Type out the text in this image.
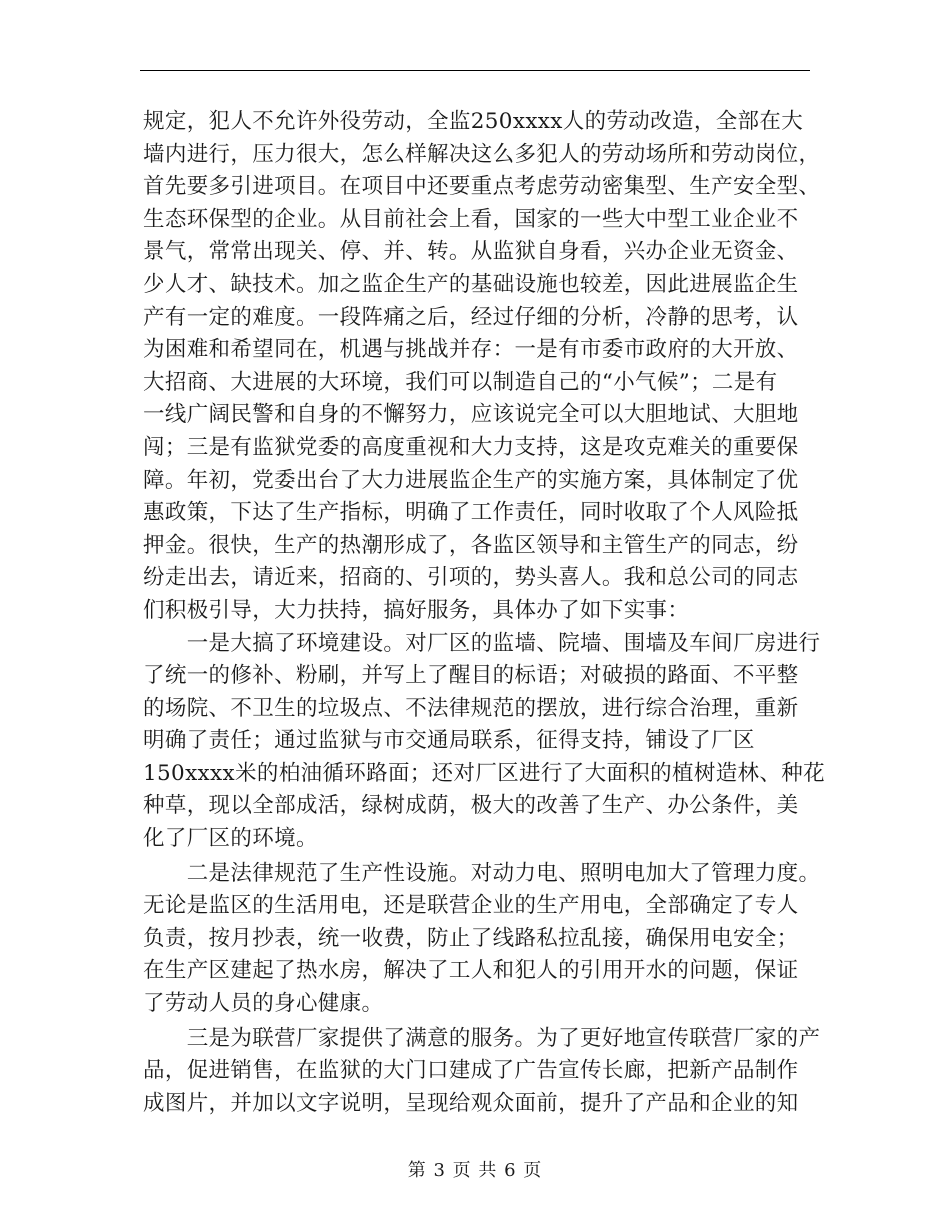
规定，犯人不允许外役劳动，全监250xxxx人的劳动改造，全部在大
墙内进行，压力很大，怎么样解决这么多犯人的劳动场所和劳动岗位，
首先要多引进项目。在项目中还要重点考虑劳动密集型、生产安全型、
生态环保型的企业。从目前社会上看，国家的一些大中型工业企业不
景气，常常出现关、停、并、转。从监狱自身看，兴办企业无资金、
少人才、缺技术。加之监企生产的基础设施也较差，因此进展监企生
产有一定的难度。一段阵痛之后，经过仔细的分析，冷静的思考，认
为困难和希望同在，机遇与挑战并存：一是有市委市政府的大开放、
大招商、大进展的大环境，我们可以制造自己的“小气候”；二是有
一线广阔民警和自身的不懈努力，应该说完全可以大胆地试、大胆地
闯；三是有监狱党委的高度重视和大力支持，这是攻克难关的重要保
障。年初，党委出台了大力进展监企生产的实施方案，具体制定了优
惠政策，下达了生产指标，明确了工作责任，同时收取了个人风险抵
押金。很快，生产的热潮形成了，各监区领导和主管生产的同志，纷
纷走出去，请近来，招商的、引项的，势头喜人。我和总公司的同志
们积极引导，大力扶持，搞好服务，具体办了如下实事：
　　一是大搞了环境建设。对厂区的监墙、院墙、围墙及车间厂房进行
了统一的修补、粉刷，并写上了醒目的标语；对破损的路面、不平整
的场院、不卫生的垃圾点、不法律规范的摆放，进行综合治理，重新
明确了责任；通过监狱与市交通局联系，征得支持，铺设了厂区
150xxxx米的柏油循环路面；还对厂区进行了大面积的植树造林、种花
种草，现以全部成活，绿树成荫，极大的改善了生产、办公条件，美
化了厂区的环境。
　　二是法律规范了生产性设施。对动力电、照明电加大了管理力度。
无论是监区的生活用电，还是联营企业的生产用电，全部确定了专人
负责，按月抄表，统一收费，防止了线路私拉乱接，确保用电安全；
在生产区建起了热水房，解决了工人和犯人的引用开水的问题，保证
了劳动人员的身心健康。
　　三是为联营厂家提供了满意的服务。为了更好地宣传联营厂家的产
品，促进销售，在监狱的大门口建成了广告宣传长廊，把新产品制作
成图片，并加以文字说明，呈现给观众面前，提升了产品和企业的知
第 3 页 共 6 页
